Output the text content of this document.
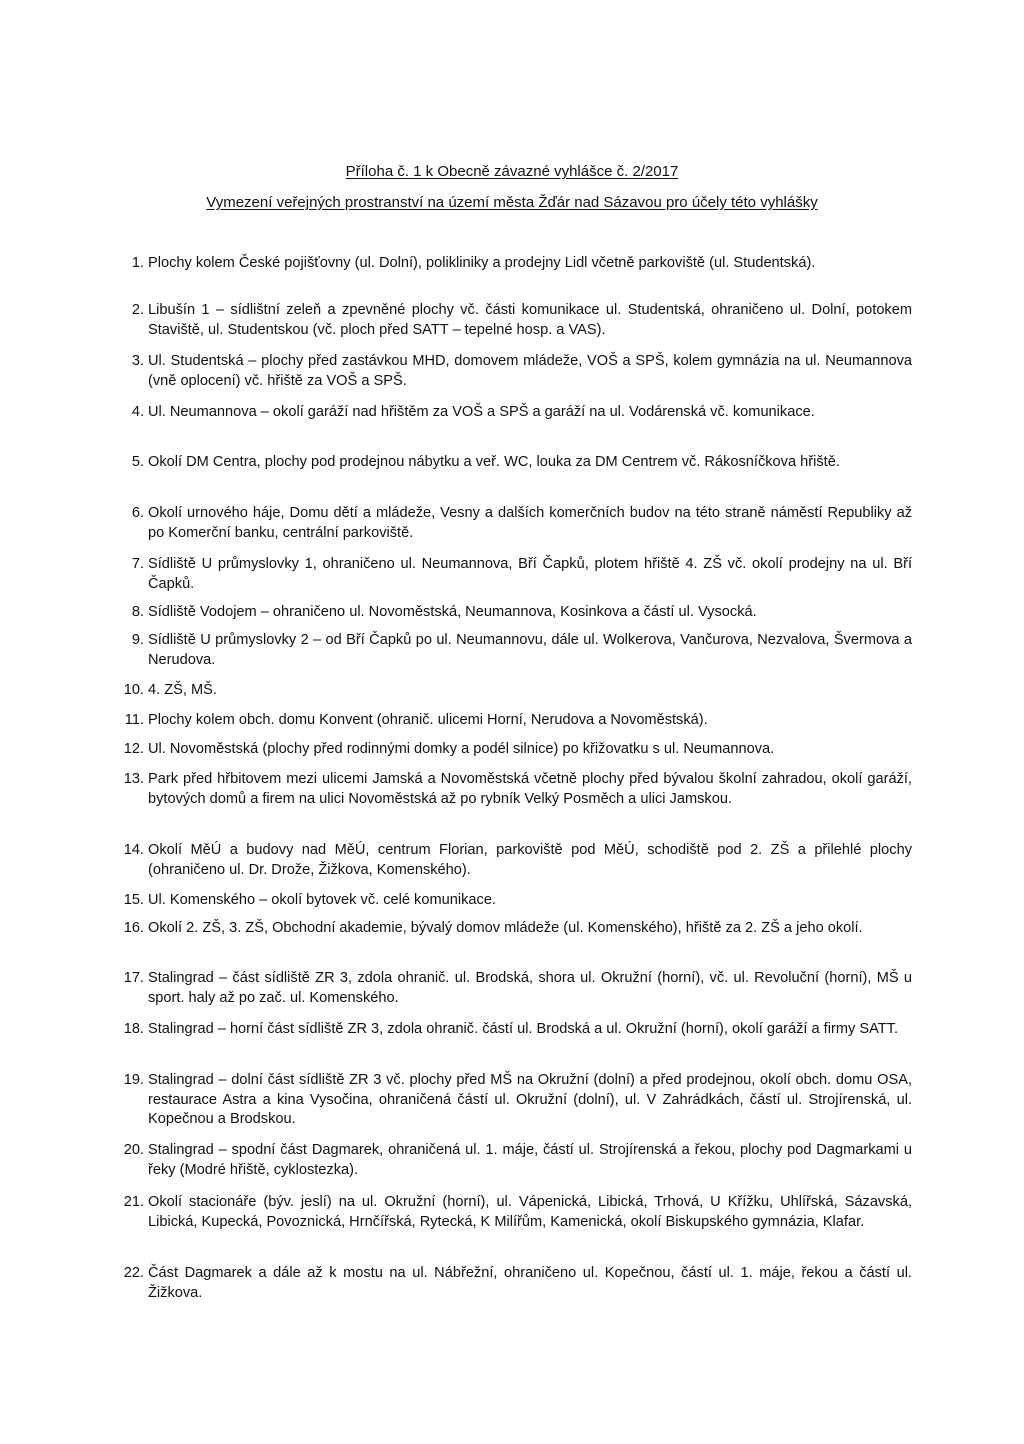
Příloha č. 1 k Obecně závazné vyhlášce č. 2/2017
Vymezení veřejných prostranství na území města Žďár nad Sázavou pro účely této vyhlášky
1. Plochy kolem České pojišťovny (ul. Dolní), polikliniky a prodejny Lidl včetně parkoviště (ul. Studentská).
2. Libušín 1 – sídlištní zeleň a zpevněné plochy vč. části komunikace ul. Studentská, ohraničeno ul. Dolní, potokem Staviště, ul. Studentskou (vč. ploch před SATT – tepelné hosp. a VAS).
3. Ul. Studentská – plochy před zastávkou MHD, domovem mládeže, VOŠ a SPŠ, kolem gymnázia na ul. Neumannova (vně oplocení) vč. hřiště za VOŠ a SPŠ.
4. Ul. Neumannova – okolí garáží nad hřištěm za VOŠ a SPŠ a garáží na ul. Vodárenská vč. komunikace.
5. Okolí DM Centra, plochy pod prodejnou nábytku a veř. WC, louka za DM Centrem vč. Rákosníčkova hřiště.
6. Okolí urnového háje, Domu dětí a mládeže, Vesny a dalších komerčních budov na této straně náměstí Republiky až po Komerční banku, centrální parkoviště.
7. Sídliště U průmyslovky 1, ohraničeno ul. Neumannova, Bří Čapků, plotem hřiště 4. ZŠ vč. okolí prodejny na ul. Bří Čapků.
8. Sídliště Vodojem – ohraničeno ul. Novoměstská, Neumannova, Kosinkova a částí ul. Vysocká.
9. Sídliště U průmyslovky 2 – od Bří Čapků po ul. Neumannovu, dále ul. Wolkerova, Vančurova, Nezvalova, Švermova a Nerudova.
10. 4. ZŠ, MŠ.
11. Plochy kolem obch. domu Konvent (ohranič. ulicemi Horní, Nerudova a Novoměstská).
12. Ul. Novoměstská (plochy před rodinnými domky a podél silnice) po křižovatku s ul. Neumannova.
13. Park před hřbitovem mezi ulicemi Jamská a Novoměstská včetně plochy před bývalou školní zahradou, okolí garáží, bytových domů a firem na ulici Novoměstská až po rybník Velký Posměch a ulici Jamskou.
14. Okolí MěÚ a budovy nad MěÚ, centrum Florian, parkoviště pod MěÚ, schodiště pod 2. ZŠ a přilehlé plochy (ohraničeno ul. Dr. Drože, Žižkova, Komenského).
15. Ul. Komenského – okolí bytovek vč. celé komunikace.
16. Okolí 2. ZŠ, 3. ZŠ, Obchodní akademie, bývalý domov mládeže (ul. Komenského), hřiště za 2. ZŠ a jeho okolí.
17. Stalingrad – část sídliště ZR 3, zdola ohranič. ul. Brodská, shora ul. Okružní (horní), vč. ul. Revoluční (horní), MŠ u sport. haly až po zač. ul. Komenského.
18. Stalingrad – horní část sídliště ZR 3, zdola ohranič. částí ul. Brodská a ul. Okružní (horní), okolí garáží a firmy SATT.
19. Stalingrad – dolní část sídliště ZR 3 vč. plochy před MŠ na Okružní (dolní) a před prodejnou, okolí obch. domu OSA, restaurace Astra a kina Vysočina, ohraničená částí ul. Okružní (dolní), ul. V Zahrádkách, částí ul. Strojírenská, ul. Kopečnou a Brodskou.
20. Stalingrad – spodní část Dagmarek, ohraničená ul. 1. máje, částí ul. Strojírenská a řekou, plochy pod Dagmarkami u řeky (Modré hřiště, cyklostezka).
21. Okolí stacionáře (býv. jeslí) na ul. Okružní (horní), ul. Vápenická, Libická, Trhová, U Křížku, Uhlířská, Sázavská, Libická, Kupecká, Povoznická, Hrnčířská, Rytecká, K Milířům, Kamenická, okolí Biskupského gymnázia, Klafar.
22. Část Dagmarek a dále až k mostu na ul. Nábřežní, ohraničeno ul. Kopečnou, částí ul. 1. máje, řekou a částí ul. Žižkova.
